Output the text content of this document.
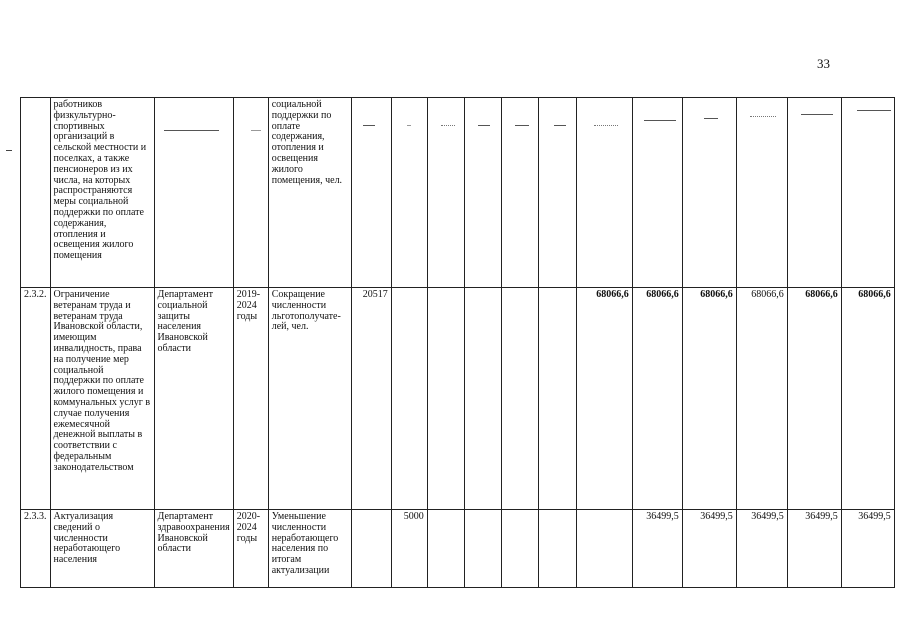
33
	работников физкультурно-спортивных организаций в сельской местности и поселках, а также пенсионеров из их числа, на которых распространяются меры социальной поддержки по оплате содержания, отопления и освещения жилого помещения			социальной поддержки по оплате содержания, отопления и освещения жилого помещения, чел.	

2.3.2.	Ограничение ветеранам труда и ветеранам труда Ивановской области, имеющим инвалидность, права на получение мер социальной поддержки по оплате жилого помещения и коммунальных услуг в случае получения ежемесячной денежной выплаты в соответствии с федеральным законодательством	Департамент социальной защиты населения Ивановской области	2019-2024 годы	Сокращение численности льготополучате-лей, чел.	20517						68066,6	68066,6	68066,6	68066,6	68066,6	68066,6
2.3.3.	Актуализация сведений о численности неработающего населения	Департамент здравоохранения Ивановской области	2020-2024 годы	Уменьшение численности неработающего населения по итогам актуализации		5000						36499,5	36499,5	36499,5	36499,5	36499,5
